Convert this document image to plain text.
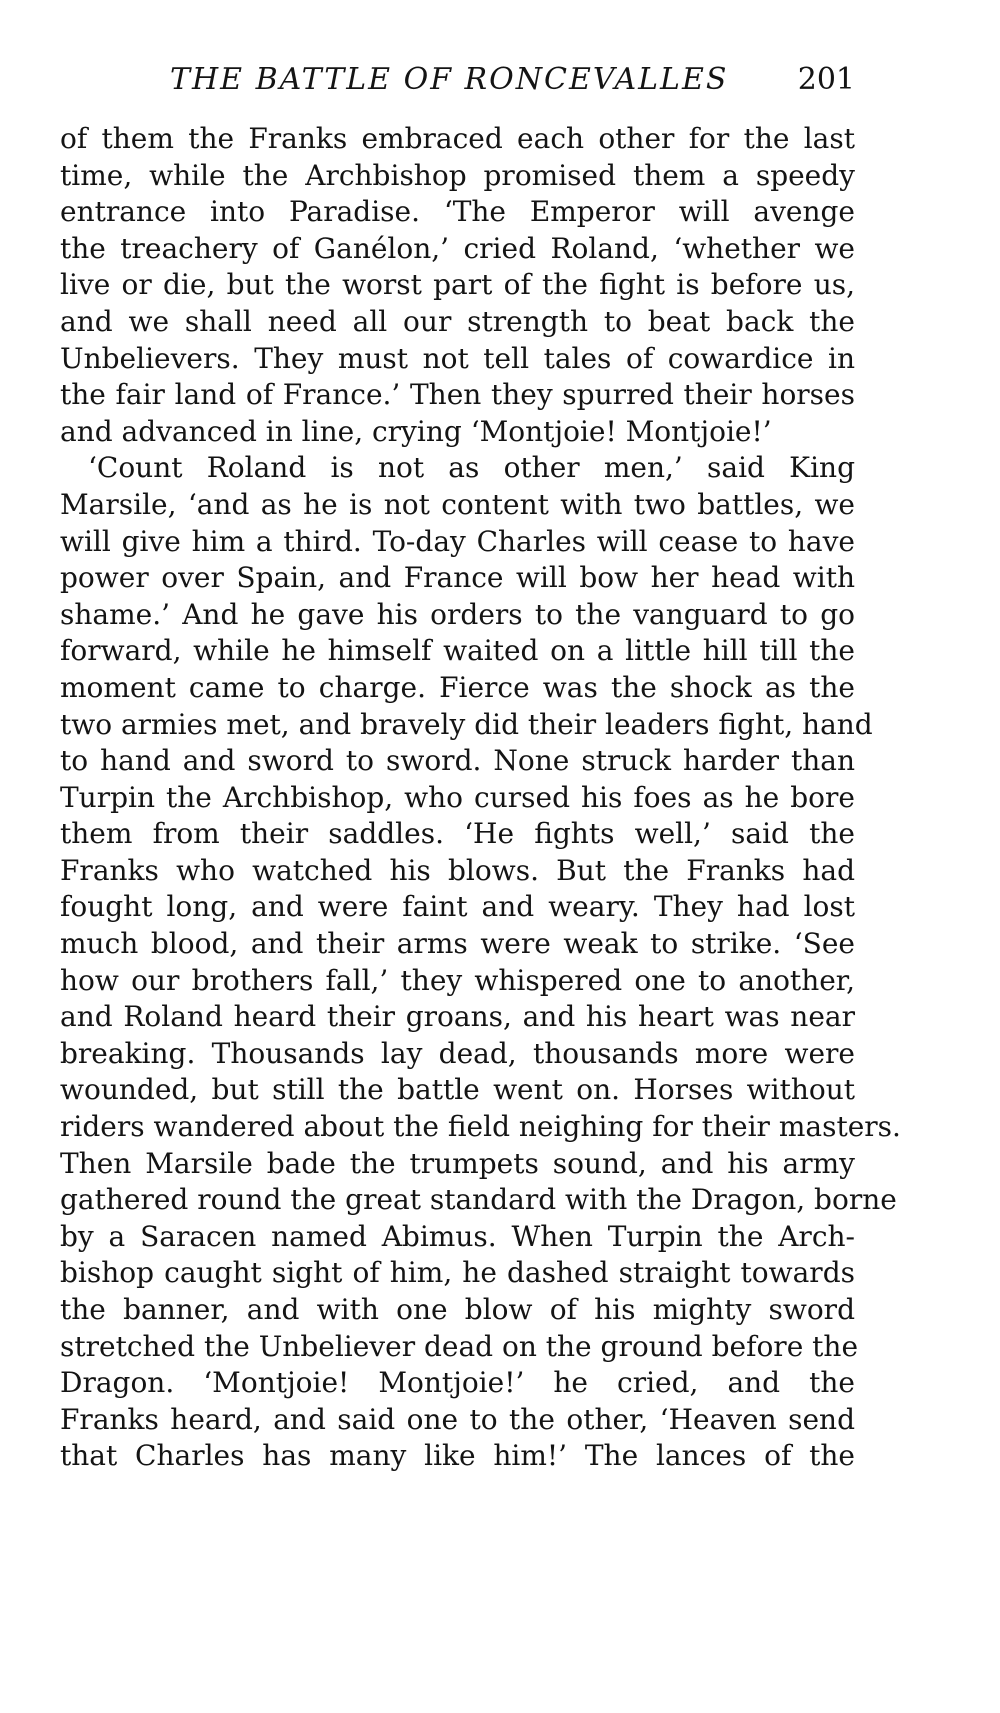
THE BATTLE OF RONCEVALLES 201
of them the Franks embraced each other for the last
time, while the Archbishop promised them a speedy
entrance into Paradise. ‘The Emperor will avenge
the treachery of Ganélon,’ cried Roland, ‘whether we
live or die, but the worst part of the fight is before us,
and we shall need all our strength to beat back the
Unbelievers. They must not tell tales of cowardice in
the fair land of France.’ Then they spurred their horses
and advanced in line, crying ‘Montjoie! Montjoie!’
‘Count Roland is not as other men,’ said King
Marsile, ‘and as he is not content with two battles, we
will give him a third. To-day Charles will cease to have
power over Spain, and France will bow her head with
shame.’ And he gave his orders to the vanguard to go
forward, while he himself waited on a little hill till the
moment came to charge. Fierce was the shock as the
two armies met, and bravely did their leaders fight, hand
to hand and sword to sword. None struck harder than
Turpin the Archbishop, who cursed his foes as he bore
them from their saddles. ‘He fights well,’ said the
Franks who watched his blows. But the Franks had
fought long, and were faint and weary. They had lost
much blood, and their arms were weak to strike. ‘See
how our brothers fall,’ they whispered one to another,
and Roland heard their groans, and his heart was near
breaking. Thousands lay dead, thousands more were
wounded, but still the battle went on. Horses without
riders wandered about the field neighing for their masters.
Then Marsile bade the trumpets sound, and his army
gathered round the great standard with the Dragon, borne
by a Saracen named Abimus. When Turpin the Arch-
bishop caught sight of him, he dashed straight towards
the banner, and with one blow of his mighty sword
stretched the Unbeliever dead on the ground before the
Dragon. ‘Montjoie! Montjoie!’ he cried, and the
Franks heard, and said one to the other, ‘Heaven send
that Charles has many like him!’ The lances of the
